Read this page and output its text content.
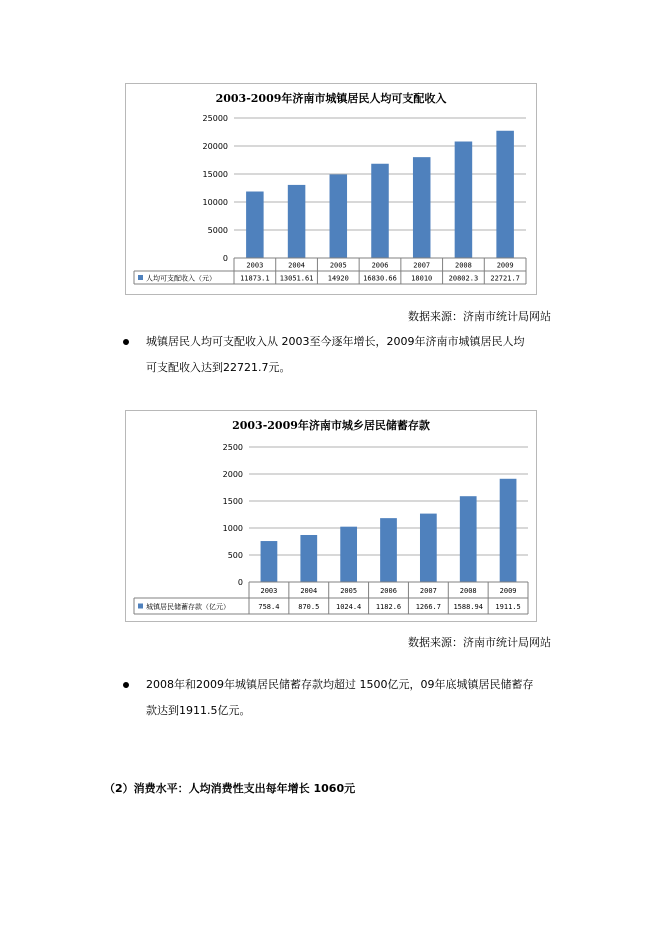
2003-2009年济南市城镇居民人均可支配收入
0
5000
10000
15000
20000
25000
2003
11873.1
2004
13051.61
2005
14920
2006
16830.66
2007
18010
2008
20802.3
2009
22721.7
人均可支配收入（元）
数据来源：济南市统计局网站
城镇居民人均可支配收入从 2003至今逐年增长，2009年济南市城镇居民人均
可支配收入达到22721.7元。
2003-2009年济南市城乡居民储蓄存款
0
500
1000
1500
2000
2500
2003
758.4
2004
870.5
2005
1024.4
2006
1182.6
2007
1266.7
2008
1588.94
2009
1911.5
城镇居民储蓄存款（亿元）
数据来源：济南市统计局网站
2008年和2009年城镇居民储蓄存款均超过 1500亿元，09年底城镇居民储蓄存
款达到1911.5亿元。
（2）消费水平：人均消费性支出每年增长 1060元
